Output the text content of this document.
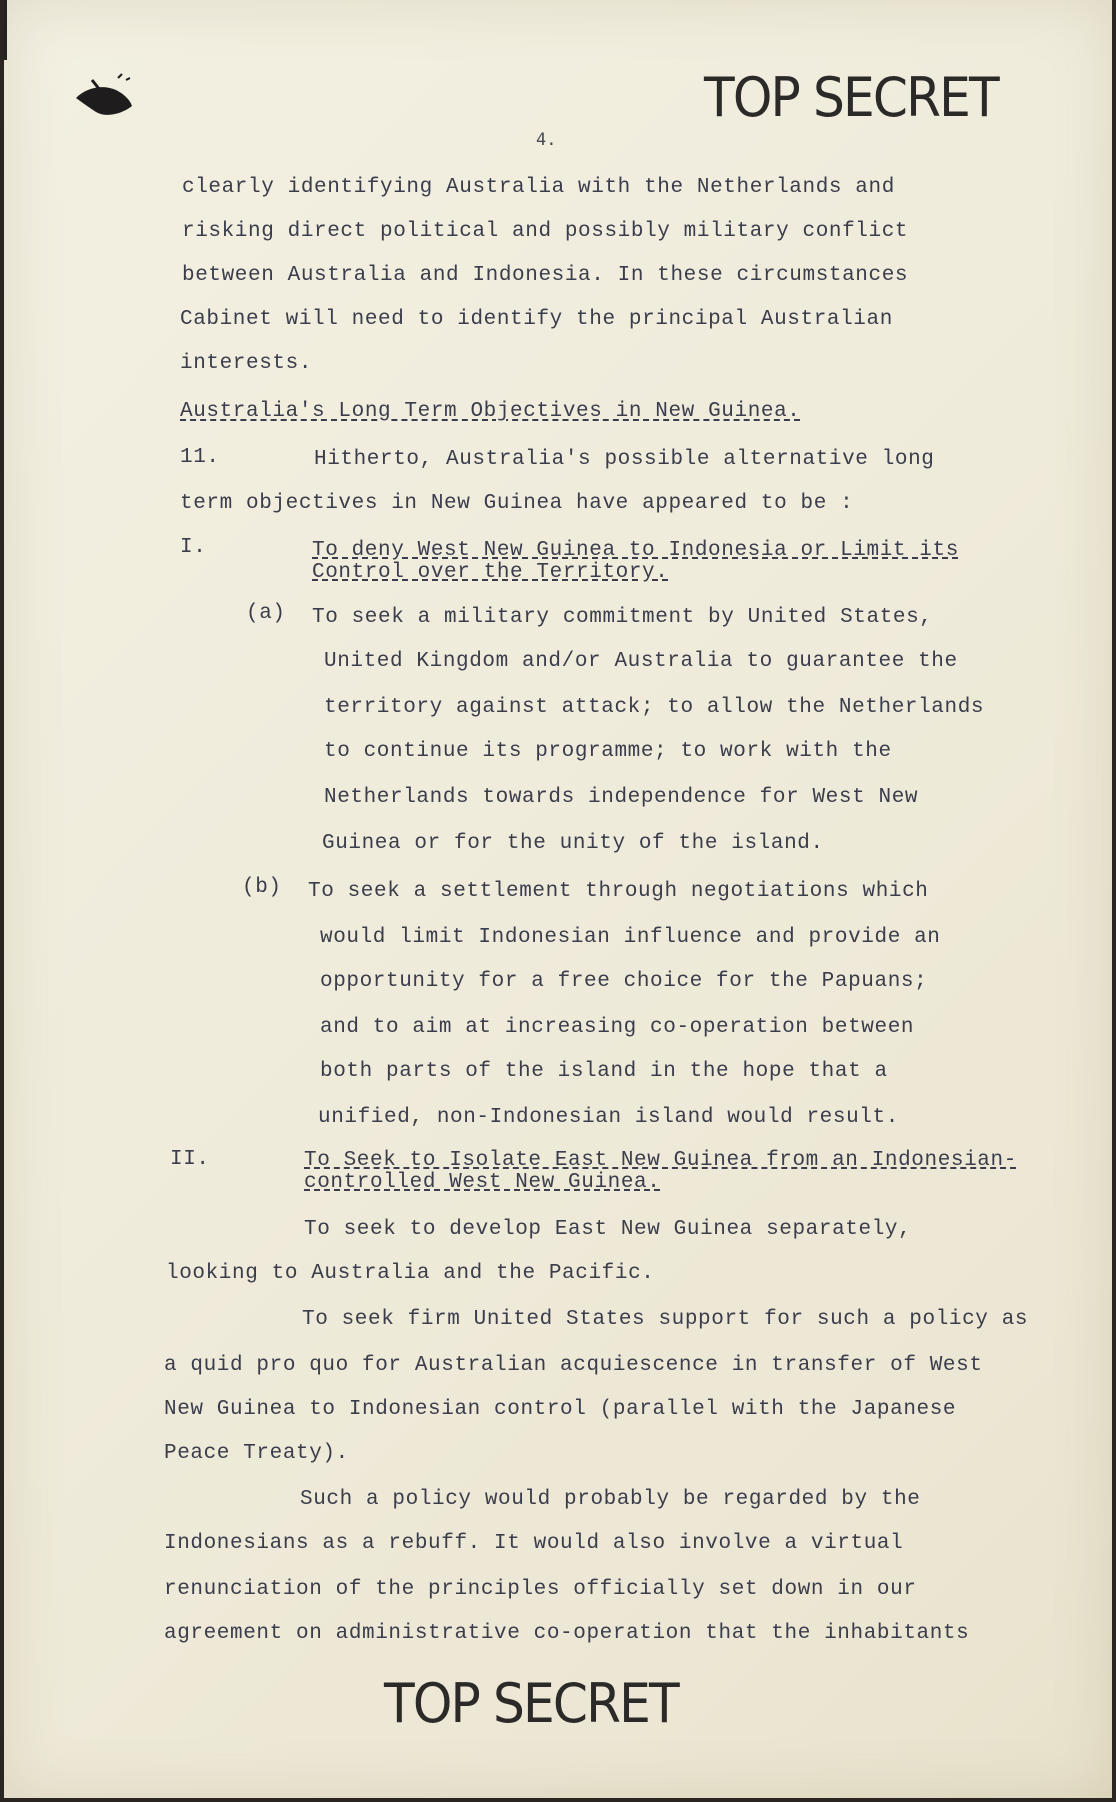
TOP SECRET
4.
clearly identifying Australia with the Netherlands and
risking direct political and possibly military conflict
between Australia and Indonesia. In these circumstances
Cabinet will need to identify the principal Australian
interests.
Australia's Long Term Objectives in New Guinea.
11.	Hitherto, Australia's possible alternative long
term objectives in New Guinea have appeared to be :
I.	To deny West New Guinea to Indonesia or Limit its
Control over the Territory.
(a) To seek a military commitment by United States,
United Kingdom and/or Australia to guarantee the
territory against attack; to allow the Netherlands
to continue its programme; to work with the
Netherlands towards independence for West New
Guinea or for the unity of the island.
(b) To seek a settlement through negotiations which
would limit Indonesian influence and provide an
opportunity for a free choice for the Papuans;
and to aim at increasing co-operation between
both parts of the island in the hope that a
unified, non-Indonesian island would result.
II.	To Seek to Isolate East New Guinea from an Indonesian-
controlled West New Guinea.
To seek to develop East New Guinea separately,
looking to Australia and the Pacific.
To seek firm United States support for such a policy as
a quid pro quo for Australian acquiescence in transfer of West
New Guinea to Indonesian control (parallel with the Japanese
Peace Treaty).
Such a policy would probably be regarded by the
Indonesians as a rebuff. It would also involve a virtual
renunciation of the principles officially set down in our
agreement on administrative co-operation that the inhabitants
TOP SECRET
